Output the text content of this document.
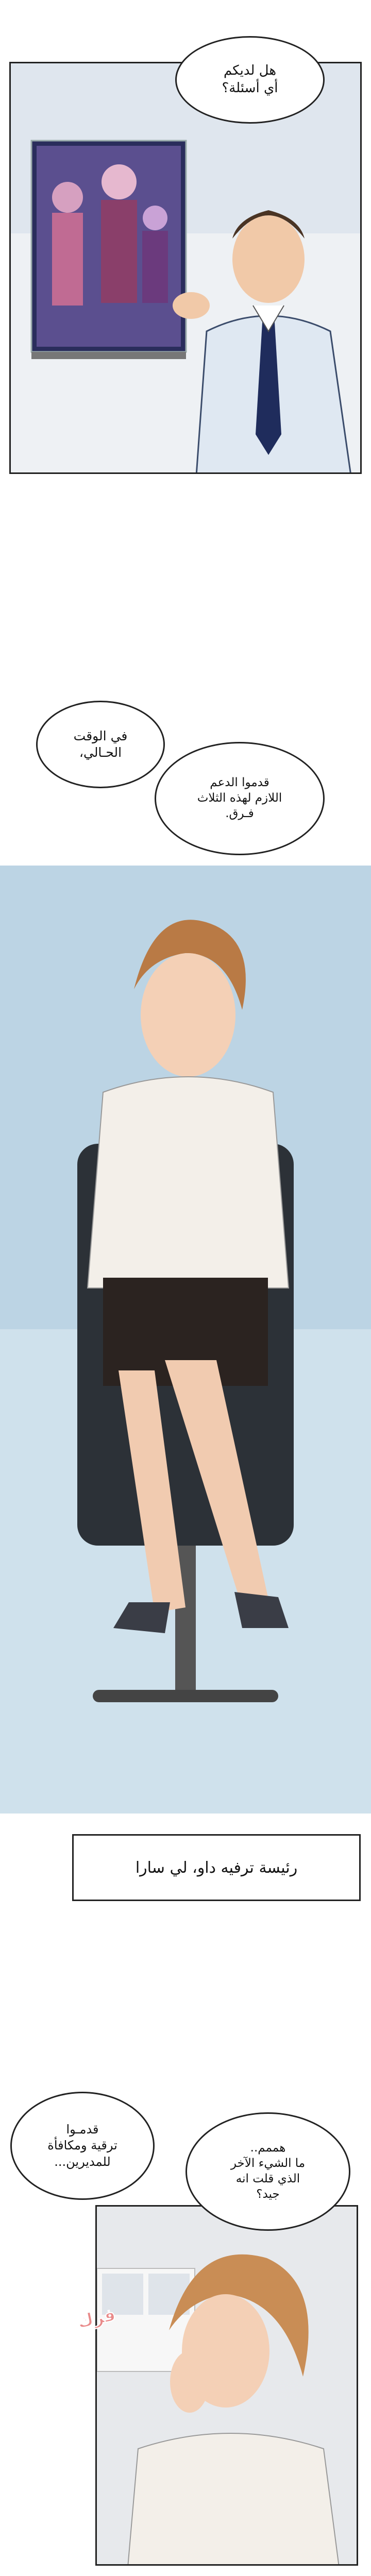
هل لديكم
أي أسئلة؟
في الوقت
الحـالي،
قدموا الدعم
اللازم لهذه الثلاث
فـرق.
رئيسة ترفيه داو، لي سارا
قدمـوا
ترقية ومكافأة
للمديرين...
هممم..
ما الشيء الآخر
الذي قلت انه
جيد؟
فرك
